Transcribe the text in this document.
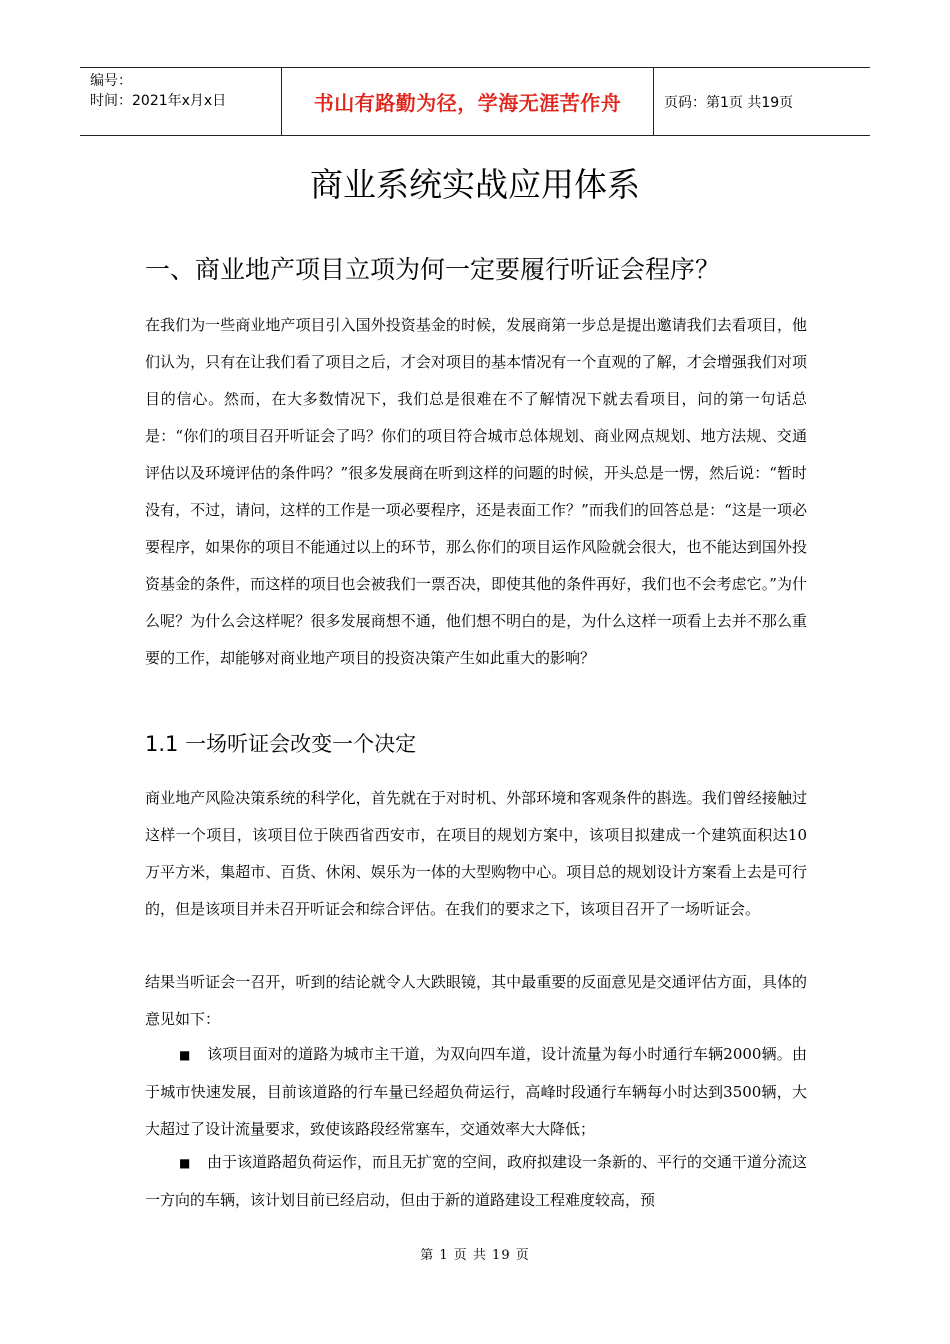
编号：
时间：2021年x月x日	书山有路勤为径，学海无涯苦作舟	页码：第1页 共19页
商业系统实战应用体系
一、商业地产项目立项为何一定要履行听证会程序？

在我们为一些商业地产项目引入国外投资基金的时候，发展商第一步总是提出邀请我们去看项目，他们认为，只有在让我们看了项目之后，才会对项目的基本情况有一个直观的了解，才会增强我们对项目的信心。然而，在大多数情况下，我们总是很难在不了解情况下就去看项目，问的第一句话总是：“你们的项目召开听证会了吗？你们的项目符合城市总体规划、商业网点规划、地方法规、交通评估以及环境评估的条件吗？”很多发展商在听到这样的问题的时候，开头总是一愣，然后说：“暂时没有，不过，请问，这样的工作是一项必要程序，还是表面工作？”而我们的回答总是：“这是一项必要程序，如果你的项目不能通过以上的环节，那么你们的项目运作风险就会很大，也不能达到国外投资基金的条件，而这样的项目也会被我们一票否决，即使其他的条件再好，我们也不会考虑它。”为什么呢？为什么会这样呢？很多发展商想不通，他们想不明白的是，为什么这样一项看上去并不那么重要的工作，却能够对商业地产项目的投资决策产生如此重大的影响？

1.1 一场听证会改变一个决定

商业地产风险决策系统的科学化，首先就在于对时机、外部环境和客观条件的斟选。我们曾经接触过这样一个项目，该项目位于陕西省西安市，在项目的规划方案中，该项目拟建成一个建筑面积达10万平方米，集超市、百货、休闲、娱乐为一体的大型购物中心。项目总的规划设计方案看上去是可行的，但是该项目并未召开听证会和综合评估。在我们的要求之下，该项目召开了一场听证会。

结果当听证会一召开，听到的结论就令人大跌眼镜，其中最重要的反面意见是交通评估方面，具体的意见如下：

■ 该项目面对的道路为城市主干道，为双向四车道，设计流量为每小时通行车辆2000辆。由于城市快速发展，目前该道路的行车量已经超负荷运行，高峰时段通行车辆每小时达到3500辆，大大超过了设计流量要求，致使该路段经常塞车，交通效率大大降低；

■ 由于该道路超负荷运作，而且无扩宽的空间，政府拟建设一条新的、平行的交通干道分流这一方向的车辆，该计划目前已经启动，但由于新的道路建设工程难度较高，预

第 1 页 共 19 页
